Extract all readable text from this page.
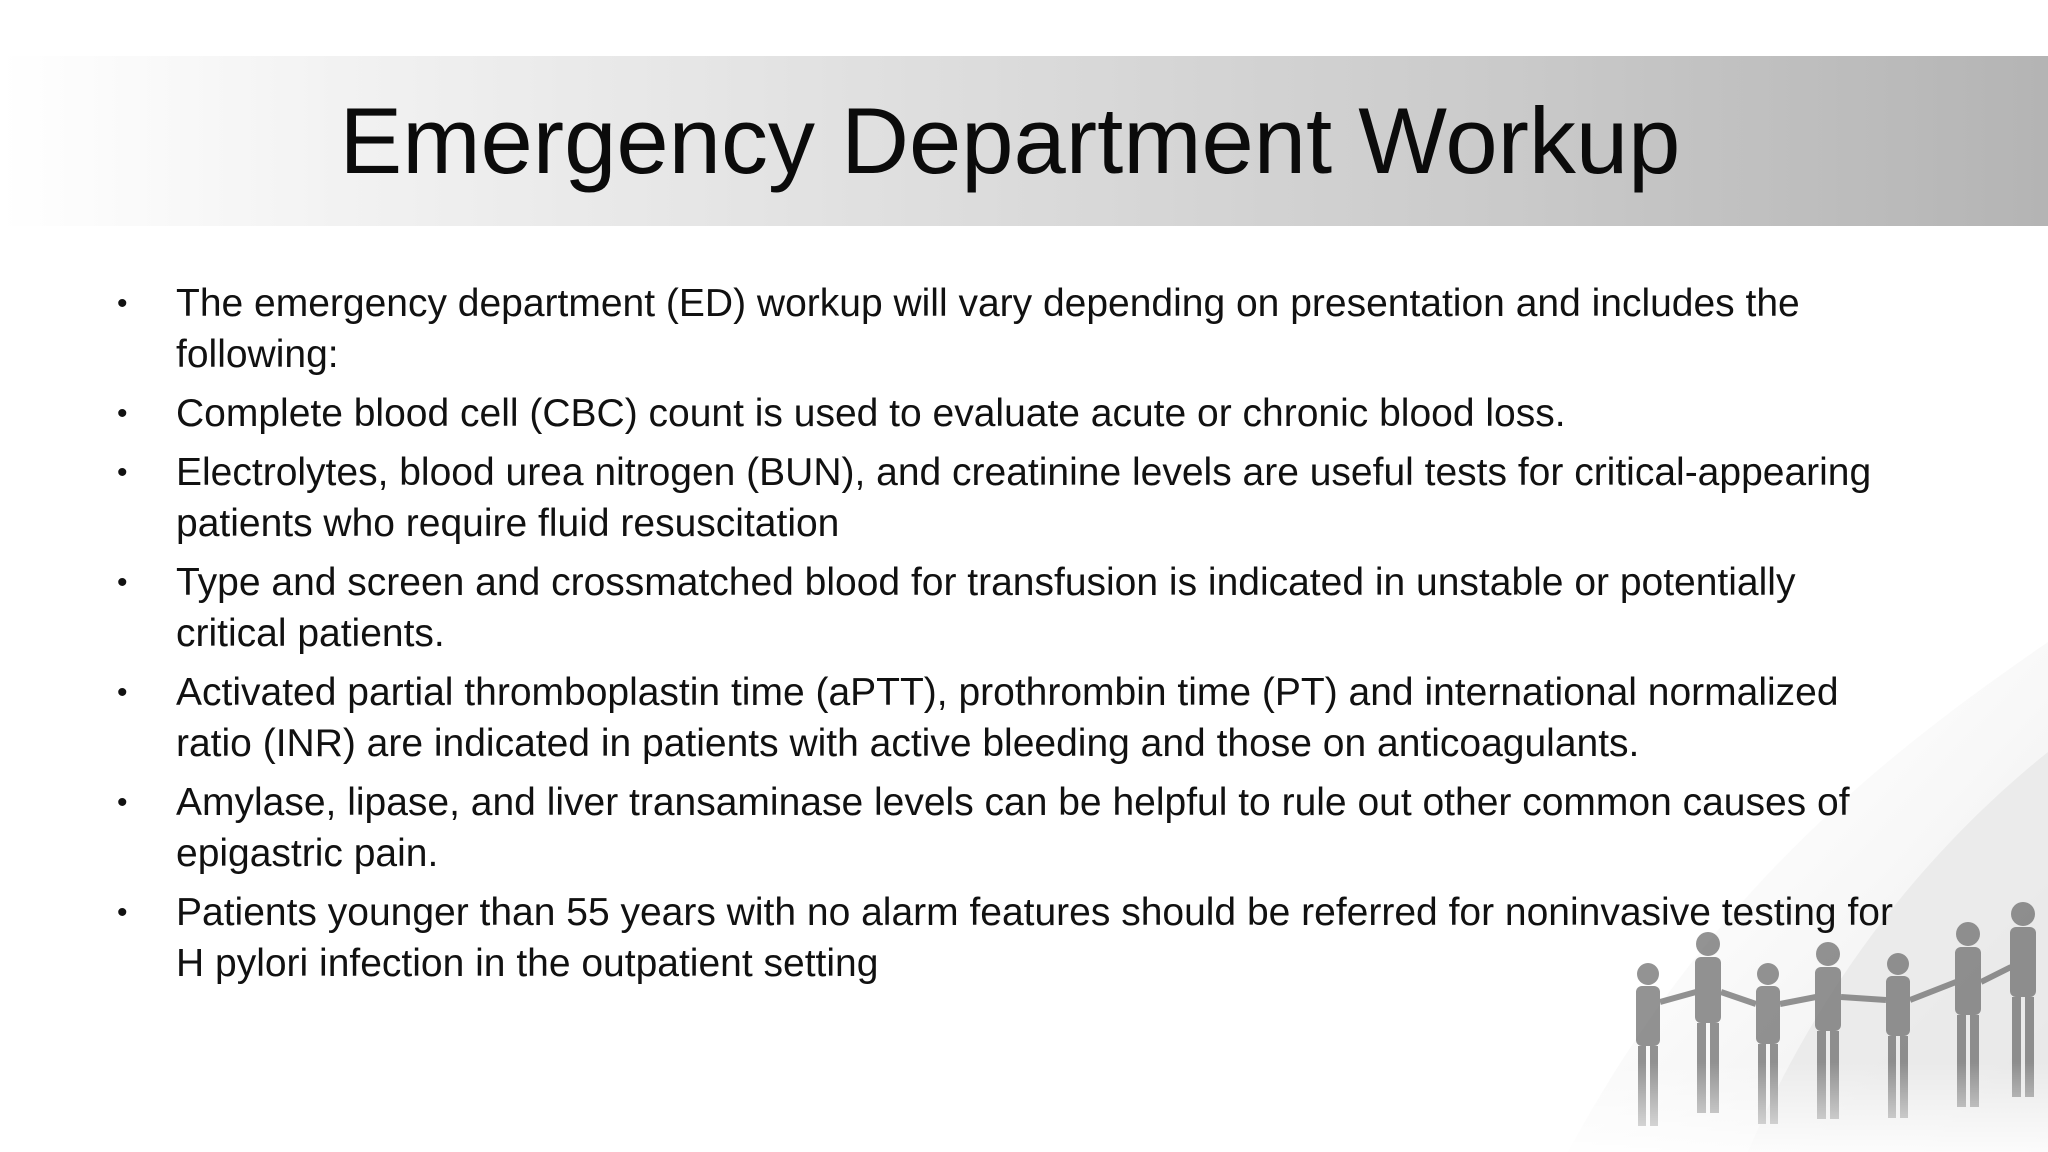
Emergency Department Workup
• The emergency department (ED) workup will vary depending on presentation and includes the following:
• Complete blood cell (CBC) count is used to evaluate acute or chronic blood loss.
• Electrolytes, blood urea nitrogen (BUN), and creatinine levels are useful tests for critical-appearing patients who require fluid resuscitation
• Type and screen and crossmatched blood for transfusion is indicated in unstable or potentially critical patients.
• Activated partial thromboplastin time (aPTT), prothrombin time (PT) and international normalized ratio (INR) are indicated in patients with active bleeding and those on anticoagulants.
• Amylase, lipase, and liver transaminase levels can be helpful to rule out other common causes of epigastric pain.
• Patients younger than 55 years with no alarm features should be referred for noninvasive testing for H pylori infection in the outpatient setting
